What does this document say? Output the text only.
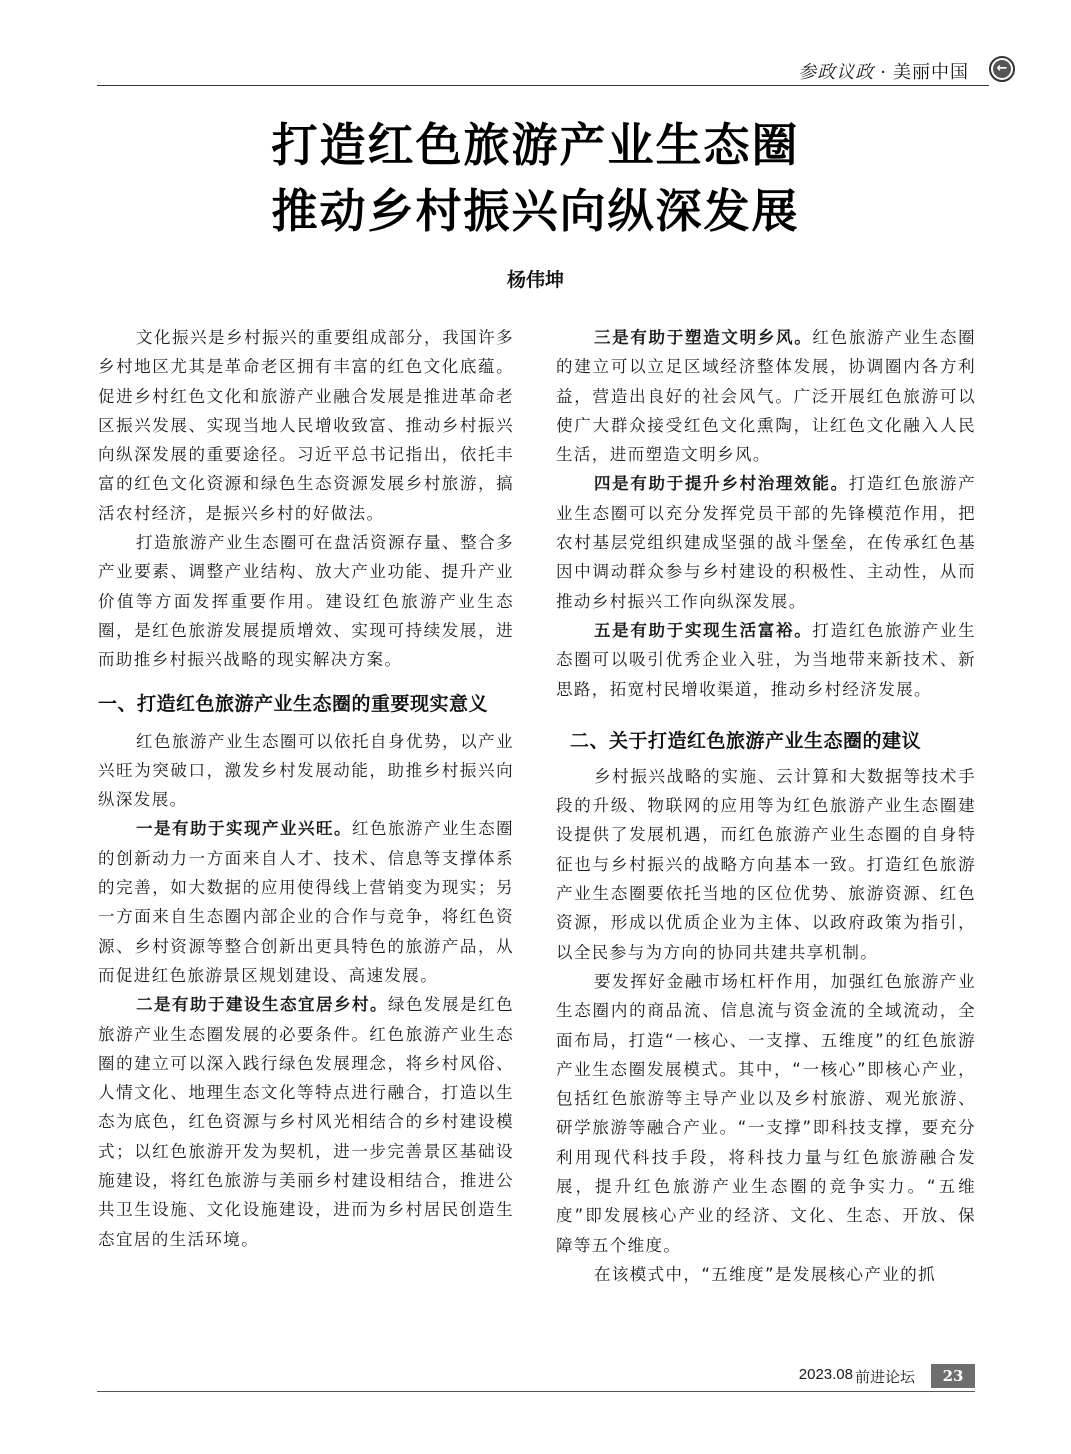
参政议政 · 美丽中国 ←
打造红色旅游产业生态圈
推动乡村振兴向纵深发展
杨伟坤

文化振兴是乡村振兴的重要组成部分，我国许多乡村地区尤其是革命老区拥有丰富的红色文化底蕴。促进乡村红色文化和旅游产业融合发展是推进革命老区振兴发展、实现当地人民增收致富、推动乡村振兴向纵深发展的重要途径。习近平总书记指出，依托丰富的红色文化资源和绿色生态资源发展乡村旅游，搞活农村经济，是振兴乡村的好做法。

打造旅游产业生态圈可在盘活资源存量、整合多产业要素、调整产业结构、放大产业功能、提升产业价值等方面发挥重要作用。建设红色旅游产业生态圈，是红色旅游发展提质增效、实现可持续发展，进而助推乡村振兴战略的现实解决方案。

一、打造红色旅游产业生态圈的重要现实意义

红色旅游产业生态圈可以依托自身优势，以产业兴旺为突破口，激发乡村发展动能，助推乡村振兴向纵深发展。

一是有助于实现产业兴旺。红色旅游产业生态圈的创新动力一方面来自人才、技术、信息等支撑体系的完善，如大数据的应用使得线上营销变为现实；另一方面来自生态圈内部企业的合作与竞争，将红色资源、乡村资源等整合创新出更具特色的旅游产品，从而促进红色旅游景区规划建设、高速发展。

二是有助于建设生态宜居乡村。绿色发展是红色旅游产业生态圈发展的必要条件。红色旅游产业生态圈的建立可以深入践行绿色发展理念，将乡村风俗、人情文化、地理生态文化等特点进行融合，打造以生态为底色，红色资源与乡村风光相结合的乡村建设模式；以红色旅游开发为契机，进一步完善景区基础设施建设，将红色旅游与美丽乡村建设相结合，推进公共卫生设施、文化设施建设，进而为乡村居民创造生态宜居的生活环境。

三是有助于塑造文明乡风。红色旅游产业生态圈的建立可以立足区域经济整体发展，协调圈内各方利益，营造出良好的社会风气。广泛开展红色旅游可以使广大群众接受红色文化熏陶，让红色文化融入人民生活，进而塑造文明乡风。

四是有助于提升乡村治理效能。打造红色旅游产业生态圈可以充分发挥党员干部的先锋模范作用，把农村基层党组织建成坚强的战斗堡垒，在传承红色基因中调动群众参与乡村建设的积极性、主动性，从而推动乡村振兴工作向纵深发展。

五是有助于实现生活富裕。打造红色旅游产业生态圈可以吸引优秀企业入驻，为当地带来新技术、新思路，拓宽村民增收渠道，推动乡村经济发展。

二、关于打造红色旅游产业生态圈的建议

乡村振兴战略的实施、云计算和大数据等技术手段的升级、物联网的应用等为红色旅游产业生态圈建设提供了发展机遇，而红色旅游产业生态圈的自身特征也与乡村振兴的战略方向基本一致。打造红色旅游产业生态圈要依托当地的区位优势、旅游资源、红色资源，形成以优质企业为主体、以政府政策为指引，以全民参与为方向的协同共建共享机制。

要发挥好金融市场杠杆作用，加强红色旅游产业生态圈内的商品流、信息流与资金流的全域流动，全面布局，打造“一核心、一支撑、五维度”的红色旅游产业生态圈发展模式。其中，“一核心”即核心产业，包括红色旅游等主导产业以及乡村旅游、观光旅游、研学旅游等融合产业。“一支撑”即科技支撑，要充分利用现代科技手段，将科技力量与红色旅游融合发展，提升红色旅游产业生态圈的竞争实力。“五维度”即发展核心产业的经济、文化、生态、开放、保障等五个维度。

在该模式中，“五维度”是发展核心产业的抓

2023.08 前进论坛	23
